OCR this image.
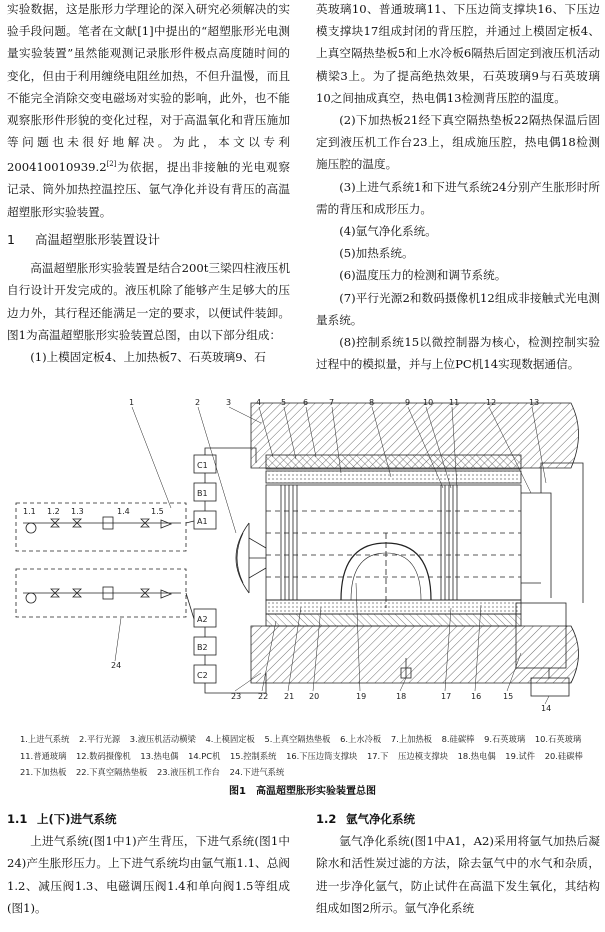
实验数据，这是胀形力学理论的深入研究必须解决的实验手段问题。笔者在文献[1]中提出的“超塑胀形光电测量实验装置”虽然能观测记录胀形件极点高度随时间的变化，但由于利用缠绕电阻丝加热，不但升温慢，而且不能完全消除交变电磁场对实验的影响，此外，也不能观察胀形件形貌的变化过程，对于高温氧化和背压施加等问题也未很好地解决。为此，本文以专利200410010939.2[2]为依据，提出非接触的光电观察记录、筒外加热控温控压、氩气净化并设有背压的高温超塑胀形实验装置。

1 高温超塑胀形装置设计

高温超塑胀形实验装置是结合200t三梁四柱液压机自行设计开发完成的。液压机除了能够产生足够大的压边力外，其行程还能满足一定的要求，以便试件装卸。图1为高温超塑胀形实验装置总图，由以下部分组成：

(1)上模固定板4、上加热板7、石英玻璃9、石

英玻璃10、普通玻璃11、下压边筒支撑块16、下压边模支撑块17组成封闭的背压腔，并通过上模固定板4、上真空隔热垫板5和上水冷板6隔热后固定到液压机活动横梁3上。为了提高绝热效果，石英玻璃9与石英玻璃10之间抽成真空，热电偶13检测背压腔的温度。

(2)下加热板21经下真空隔热垫板22隔热保温后固定到液压机工作台23上，组成施压腔，热电偶18检测施压腔的温度。

(3)上进气系统1和下进气系统24分别产生胀形时所需的背压和成形压力。

(4)氩气净化系统。

(5)加热系统。

(6)温度压力的检测和调节系统。

(7)平行光源2和数码摄像机12组成非接触式光电测量系统。

(8)控制系统15以微控制器为核心，检测控制实验过程中的模拟量，并与上位PC机14实现数据通信。

1.1 1.2 1.3	1.4	1.5
C1
B1
A1
A2
B2
C2
1	2	3	4 5 6	7	8	9 10 11	12	13
23 22 21 20	19	18	17 16	15
24
14
1.上进气系统 2.平行光源 3.液压机活动横梁 4.上模固定板 5.上真空隔热垫板 6.上水冷板 7.上加热板 8.硅碳棒 9.石英玻璃 10.石英玻璃 11.普通玻璃 12.数码摄像机 13.热电偶 14.PC机 15.控制系统 16.下压边筒支撑块 17.下 压边模支撑块 18.热电偶 19.试件 20.硅碳棒 21.下加热板 22.下真空隔热垫板 23.液压机工作台 24.下进气系统
图1　高温超塑胀形实验装置总图

1.1 上(下)进气系统

上进气系统(图1中1)产生背压，下进气系统(图1中24)产生胀形压力。上下进气系统均由氩气瓶1.1、总阀1.2、减压阀1.3、电磁调压阀1.4和单向阀1.5等组成(图1)。

1.2 氩气净化系统

氩气净化系统(图1中A1，A2)采用将氩气加热后凝除水和活性炭过滤的方法，除去氩气中的水气和杂质，进一步净化氩气，防止试件在高温下发生氧化，其结构组成如图2所示。氩气净化系统
